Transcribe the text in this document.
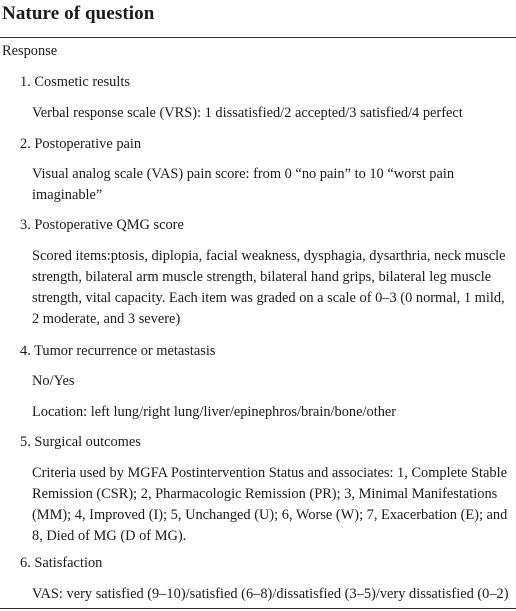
Nature of question
Response
1. Cosmetic results
Verbal response scale (VRS): 1 dissatisfied/2 accepted/3 satisfied/4 perfect
2. Postoperative pain
Visual analog scale (VAS) pain score: from 0 “no pain” to 10 “worst pain imaginable”
3. Postoperative QMG score
Scored items:ptosis, diplopia, facial weakness, dysphagia, dysarthria, neck muscle strength, bilateral arm muscle strength, bilateral hand grips, bilateral leg muscle strength, vital capacity. Each item was graded on a scale of 0–3 (0 normal, 1 mild, 2 moderate, and 3 severe)
4. Tumor recurrence or metastasis
No/Yes
Location: left lung/right lung/liver/epinephros/brain/bone/other
5. Surgical outcomes
Criteria used by MGFA Postintervention Status and associates: 1, Complete Stable Remission (CSR); 2, Pharmacologic Remission (PR); 3, Minimal Manifestations (MM); 4, Improved (I); 5, Unchanged (U); 6, Worse (W); 7, Exacerbation (E); and 8, Died of MG (D of MG).
6. Satisfaction
VAS: very satisfied (9–10)/satisfied (6–8)/dissatisfied (3–5)/very dissatisfied (0–2)
